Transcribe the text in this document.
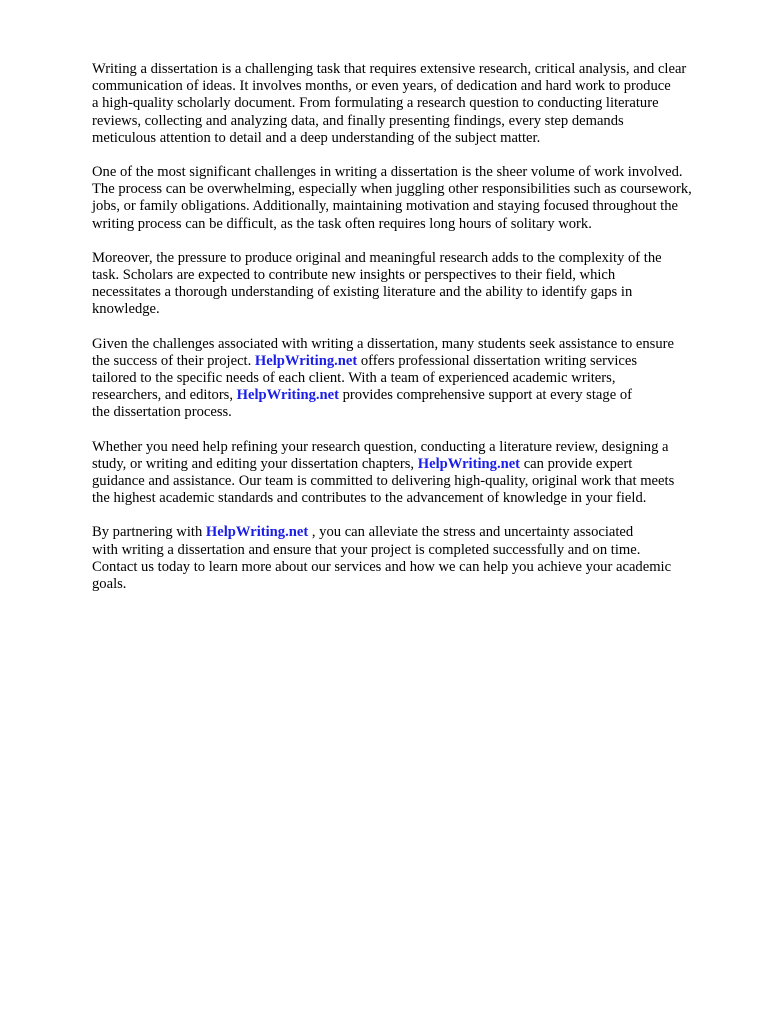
Writing a dissertation is a challenging task that requires extensive research, critical analysis, and clear
communication of ideas. It involves months, or even years, of dedication and hard work to produce
a high-quality scholarly document. From formulating a research question to conducting literature
reviews, collecting and analyzing data, and finally presenting findings, every step demands
meticulous attention to detail and a deep understanding of the subject matter.

One of the most significant challenges in writing a dissertation is the sheer volume of work involved.
The process can be overwhelming, especially when juggling other responsibilities such as coursework,
jobs, or family obligations. Additionally, maintaining motivation and staying focused throughout the
writing process can be difficult, as the task often requires long hours of solitary work.

Moreover, the pressure to produce original and meaningful research adds to the complexity of the
task. Scholars are expected to contribute new insights or perspectives to their field, which
necessitates a thorough understanding of existing literature and the ability to identify gaps in
knowledge.

Given the challenges associated with writing a dissertation, many students seek assistance to ensure
the success of their project. HelpWriting.net offers professional dissertation writing services
tailored to the specific needs of each client. With a team of experienced academic writers,
researchers, and editors, HelpWriting.net provides comprehensive support at every stage of
the dissertation process.

Whether you need help refining your research question, conducting a literature review, designing a
study, or writing and editing your dissertation chapters, HelpWriting.net can provide expert
guidance and assistance. Our team is committed to delivering high-quality, original work that meets
the highest academic standards and contributes to the advancement of knowledge in your field.

By partnering with HelpWriting.net , you can alleviate the stress and uncertainty associated
with writing a dissertation and ensure that your project is completed successfully and on time.
Contact us today to learn more about our services and how we can help you achieve your academic
goals.
